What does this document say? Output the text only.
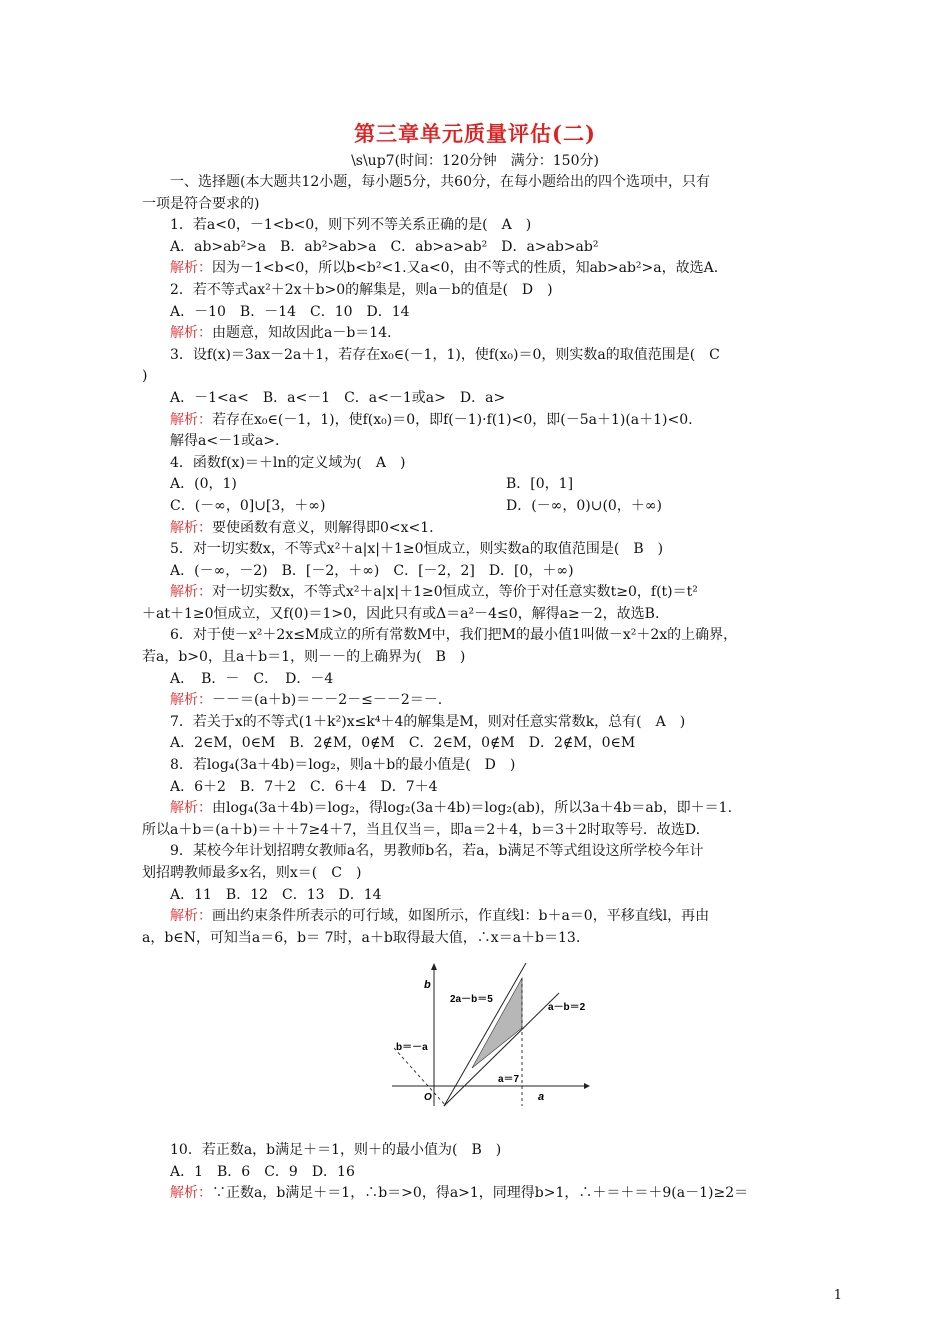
第三章单元质量评估(二)
\s\up7(时间：120分钟　满分：150分)
一、选择题(本大题共12小题，每小题5分，共60分，在每小题给出的四个选项中，只有
一项是符合要求的)
1．若a<0，－1<b<0，则下列不等关系正确的是(　A　)
A．ab>ab²>a　B．ab²>ab>a　C．ab>a>ab²　D．a>ab>ab²
解析：因为－1<b<0，所以b<b²<1.又a<0，由不等式的性质，知ab>ab²>a，故选A.
2．若不等式ax²＋2x＋b>0的解集是，则a－b的值是(　D　)
A．－10　B．－14　C．10　D．14
解析：由题意，知故因此a－b＝14.
3．设f(x)＝3ax－2a＋1，若存在x₀∈(－1，1)，使f(x₀)＝0，则实数a的取值范围是(　C
)
A．－1<a<　B．a<－1　C．a<－1或a>　D．a>
解析：若存在x₀∈(－1，1)，使f(x₀)＝0，即f(－1)·f(1)<0，即(－5a＋1)(a＋1)<0.
解得a<－1或a>.
4．函数f(x)＝＋ln的定义域为(　A　)
A．(0，1)	B．[0，1]
C．(－∞，0]∪[3，＋∞)	D．(－∞，0)∪(0，＋∞)
解析：要使函数有意义，则解得即0<x<1.
5．对一切实数x，不等式x²＋a|x|＋1≥0恒成立，则实数a的取值范围是(　B　)
A．(－∞，－2)　B．[－2，＋∞)　C．[－2，2]　D．[0，＋∞)
解析：对一切实数x，不等式x²＋a|x|＋1≥0恒成立，等价于对任意实数t≥0，f(t)＝t²
＋at＋1≥0恒成立，又f(0)＝1>0，因此只有或Δ＝a²－4≤0，解得a≥－2，故选B.
6．对于使－x²＋2x≤M成立的所有常数M中，我们把M的最小值1叫做－x²＋2x的上确界，
若a，b>0，且a＋b＝1，则－－的上确界为(　B　)
A．　B．－　C．　D．－4
解析：－－＝(a＋b)＝－－2－≤－－2＝－.
7．若关于x的不等式(1＋k²)x≤k⁴＋4的解集是M，则对任意实常数k，总有(　A　)
A．2∈M，0∈M　B．2∉M，0∉M　C．2∈M，0∉M　D．2∉M，0∈M
8．若log₄(3a＋4b)＝log₂，则a＋b的最小值是(　D　)
A．6＋2　B．7＋2　C．6＋4　D．7＋4
解析：由log₄(3a＋4b)＝log₂，得log₂(3a＋4b)＝log₂(ab)，所以3a＋4b＝ab，即＋＝1.
所以a＋b＝(a＋b)＝＋＋7≥4＋7，当且仅当＝，即a＝2＋4，b＝3＋2时取等号．故选D.
9．某校今年计划招聘女教师a名，男教师b名，若a，b满足不等式组设这所学校今年计
划招聘教师最多x名，则x＝(　C　)
A．11　B．12　C．13　D．14
解析：画出约束条件所表示的可行域，如图所示，作直线l：b＋a＝0，平移直线l，再由
a，b∈N，可知当a＝6，b＝ 7时，a＋b取得最大值，∴x＝a＋b＝13.
b
2a－b＝5
a－b＝2
b＝－a
a＝7
O	a
10．若正数a，b满足＋＝1，则＋的最小值为(　B　)
A．1　B．6　C．9　D．16
解析：∵正数a，b满足＋＝1，∴b＝>0，得a>1，同理得b>1，∴＋＝＋＝＋9(a－1)≥2＝
1
